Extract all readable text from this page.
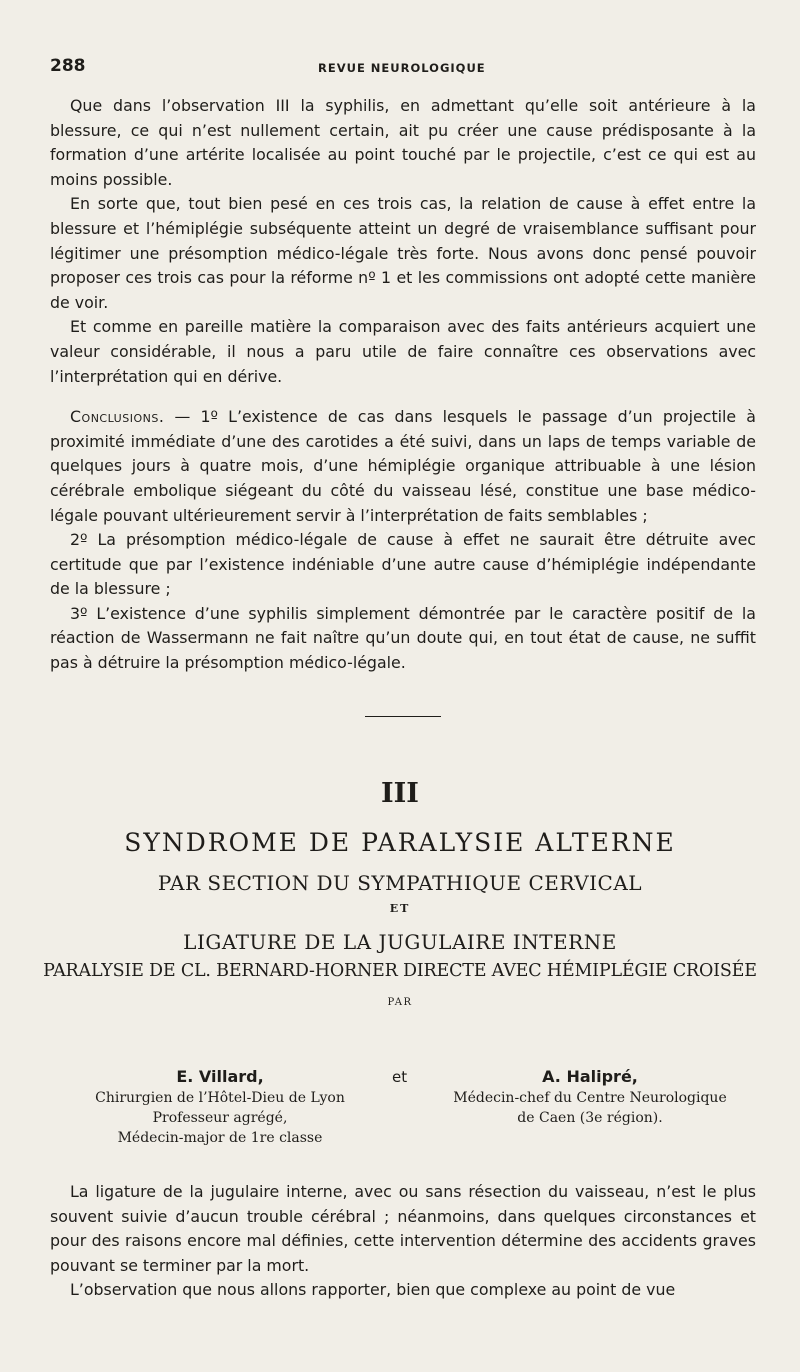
288	REVUE NEUROLOGIQUE

Que dans l’observation III la syphilis, en admettant qu’elle soit antérieure à la blessure, ce qui n’est nullement certain, ait pu créer une cause prédisposante à la formation d’une artérite localisée au point touché par le projectile, c’est ce qui est au moins possible.

En sorte que, tout bien pesé en ces trois cas, la relation de cause à effet entre la blessure et l’hémiplégie subséquente atteint un degré de vraisemblance suffisant pour légitimer une présomption médico-légale très forte. Nous avons donc pensé pouvoir proposer ces trois cas pour la réforme nº 1 et les commissions ont adopté cette manière de voir.

Et comme en pareille matière la comparaison avec des faits antérieurs acquiert une valeur considérable, il nous a paru utile de faire connaître ces observations avec l’interprétation qui en dérive.

Conclusions. — 1º L’existence de cas dans lesquels le passage d’un projectile à proximité immédiate d’une des carotides a été suivi, dans un laps de temps variable de quelques jours à quatre mois, d’une hémiplégie organique attribuable à une lésion cérébrale embolique siégeant du côté du vaisseau lésé, constitue une base médico-légale pouvant ultérieurement servir à l’interprétation de faits semblables ;

2º La présomption médico-légale de cause à effet ne saurait être détruite avec certitude que par l’existence indéniable d’une autre cause d’hémiplégie indépendante de la blessure ;

3º L’existence d’une syphilis simplement démontrée par le caractère positif de la réaction de Wassermann ne fait naître qu’un doute qui, en tout état de cause, ne suffit pas à détruire la présomption médico-légale.

III
SYNDROME DE PARALYSIE ALTERNE
PAR SECTION DU SYMPATHIQUE CERVICAL
ET
LIGATURE DE LA JUGULAIRE INTERNE
PARALYSIE DE CL. BERNARD-HORNER DIRECTE AVEC HÉMIPLÉGIE CROISÉE
PAR
E. Villard,
Chirurgien de l’Hôtel-Dieu de Lyon
Professeur agrégé,
Médecin-major de 1re classe
et	A. Halipré,
Médecin-chef du Centre Neurologique
de Caen (3e région).

La ligature de la jugulaire interne, avec ou sans résection du vaisseau, n’est le plus souvent suivie d’aucun trouble cérébral ; néanmoins, dans quelques circonstances et pour des raisons encore mal définies, cette intervention détermine des accidents graves pouvant se terminer par la mort.

L’observation que nous allons rapporter, bien que complexe au point de vue
